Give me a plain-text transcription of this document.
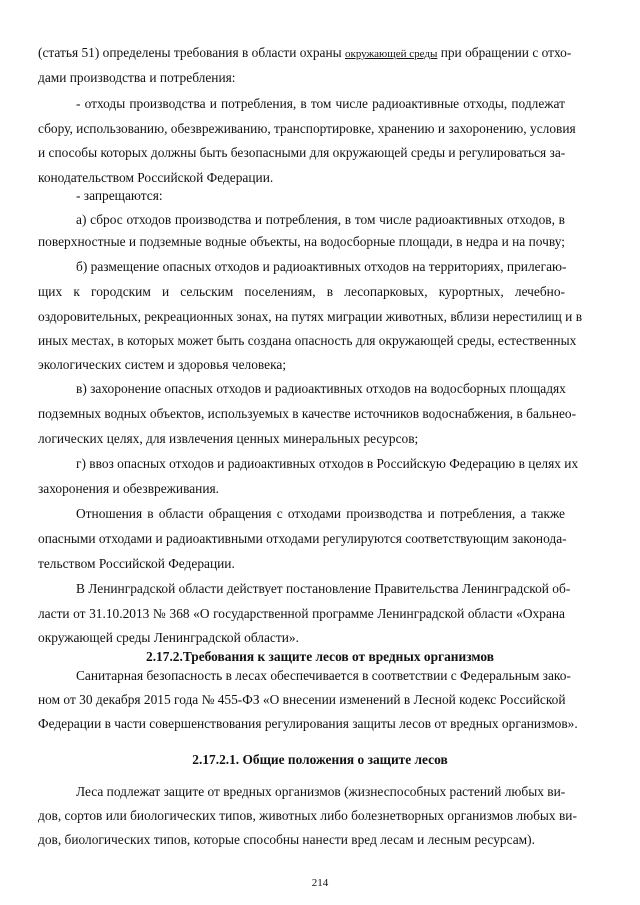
(статья 51) определены требования в области охраны окружающей среды при обращении с отхо-
дами производства и потребления:
- отходы производства и потребления, в том числе радиоактивные отходы, подлежат
сбору, использованию, обезвреживанию, транспортировке, хранению и захоронению, условия
и способы которых должны быть безопасными для окружающей среды и регулироваться за-
конодательством Российской Федерации.
- запрещаются:
а) сброс отходов производства и потребления, в том числе радиоактивных отходов, в
поверхностные и подземные водные объекты, на водосборные площади, в недра и на почву;
б) размещение опасных отходов и радиоактивных отходов на территориях, прилегаю-
щих к городским и сельским поселениям, в лесопарковых, курортных, лечебно-
оздоровительных, рекреационных зонах, на путях миграции животных, вблизи нерестилищ и в
иных местах, в которых может быть создана опасность для окружающей среды, естественных
экологических систем и здоровья человека;
в) захоронение опасных отходов и радиоактивных отходов на водосборных площадях
подземных водных объектов, используемых в качестве источников водоснабжения, в бальнео-
логических целях, для извлечения ценных минеральных ресурсов;
г) ввоз опасных отходов и радиоактивных отходов в Российскую Федерацию в целях их
захоронения и обезвреживания.
Отношения в области обращения с отходами производства и потребления, а также
опасными отходами и радиоактивными отходами регулируются соответствующим законода-
тельством Российской Федерации.
В Ленинградской области действует постановление Правительства Ленинградской об-
ласти от 31.10.2013 № 368 «О государственной программе Ленинградской области «Охрана
окружающей среды Ленинградской области».
2.17.2.Требования к защите лесов от вредных организмов
Санитарная безопасность в лесах обеспечивается в соответствии с Федеральным зако-
ном от 30 декабря 2015 года № 455-ФЗ «О внесении изменений в Лесной кодекс Российской
Федерации в части совершенствования регулирования защиты лесов от вредных организмов».
2.17.2.1. Общие положения о защите лесов
Леса подлежат защите от вредных организмов (жизнеспособных растений любых ви-
дов, сортов или биологических типов, животных либо болезнетворных организмов любых ви-
дов, биологических типов, которые способны нанести вред лесам и лесным ресурсам).
214
